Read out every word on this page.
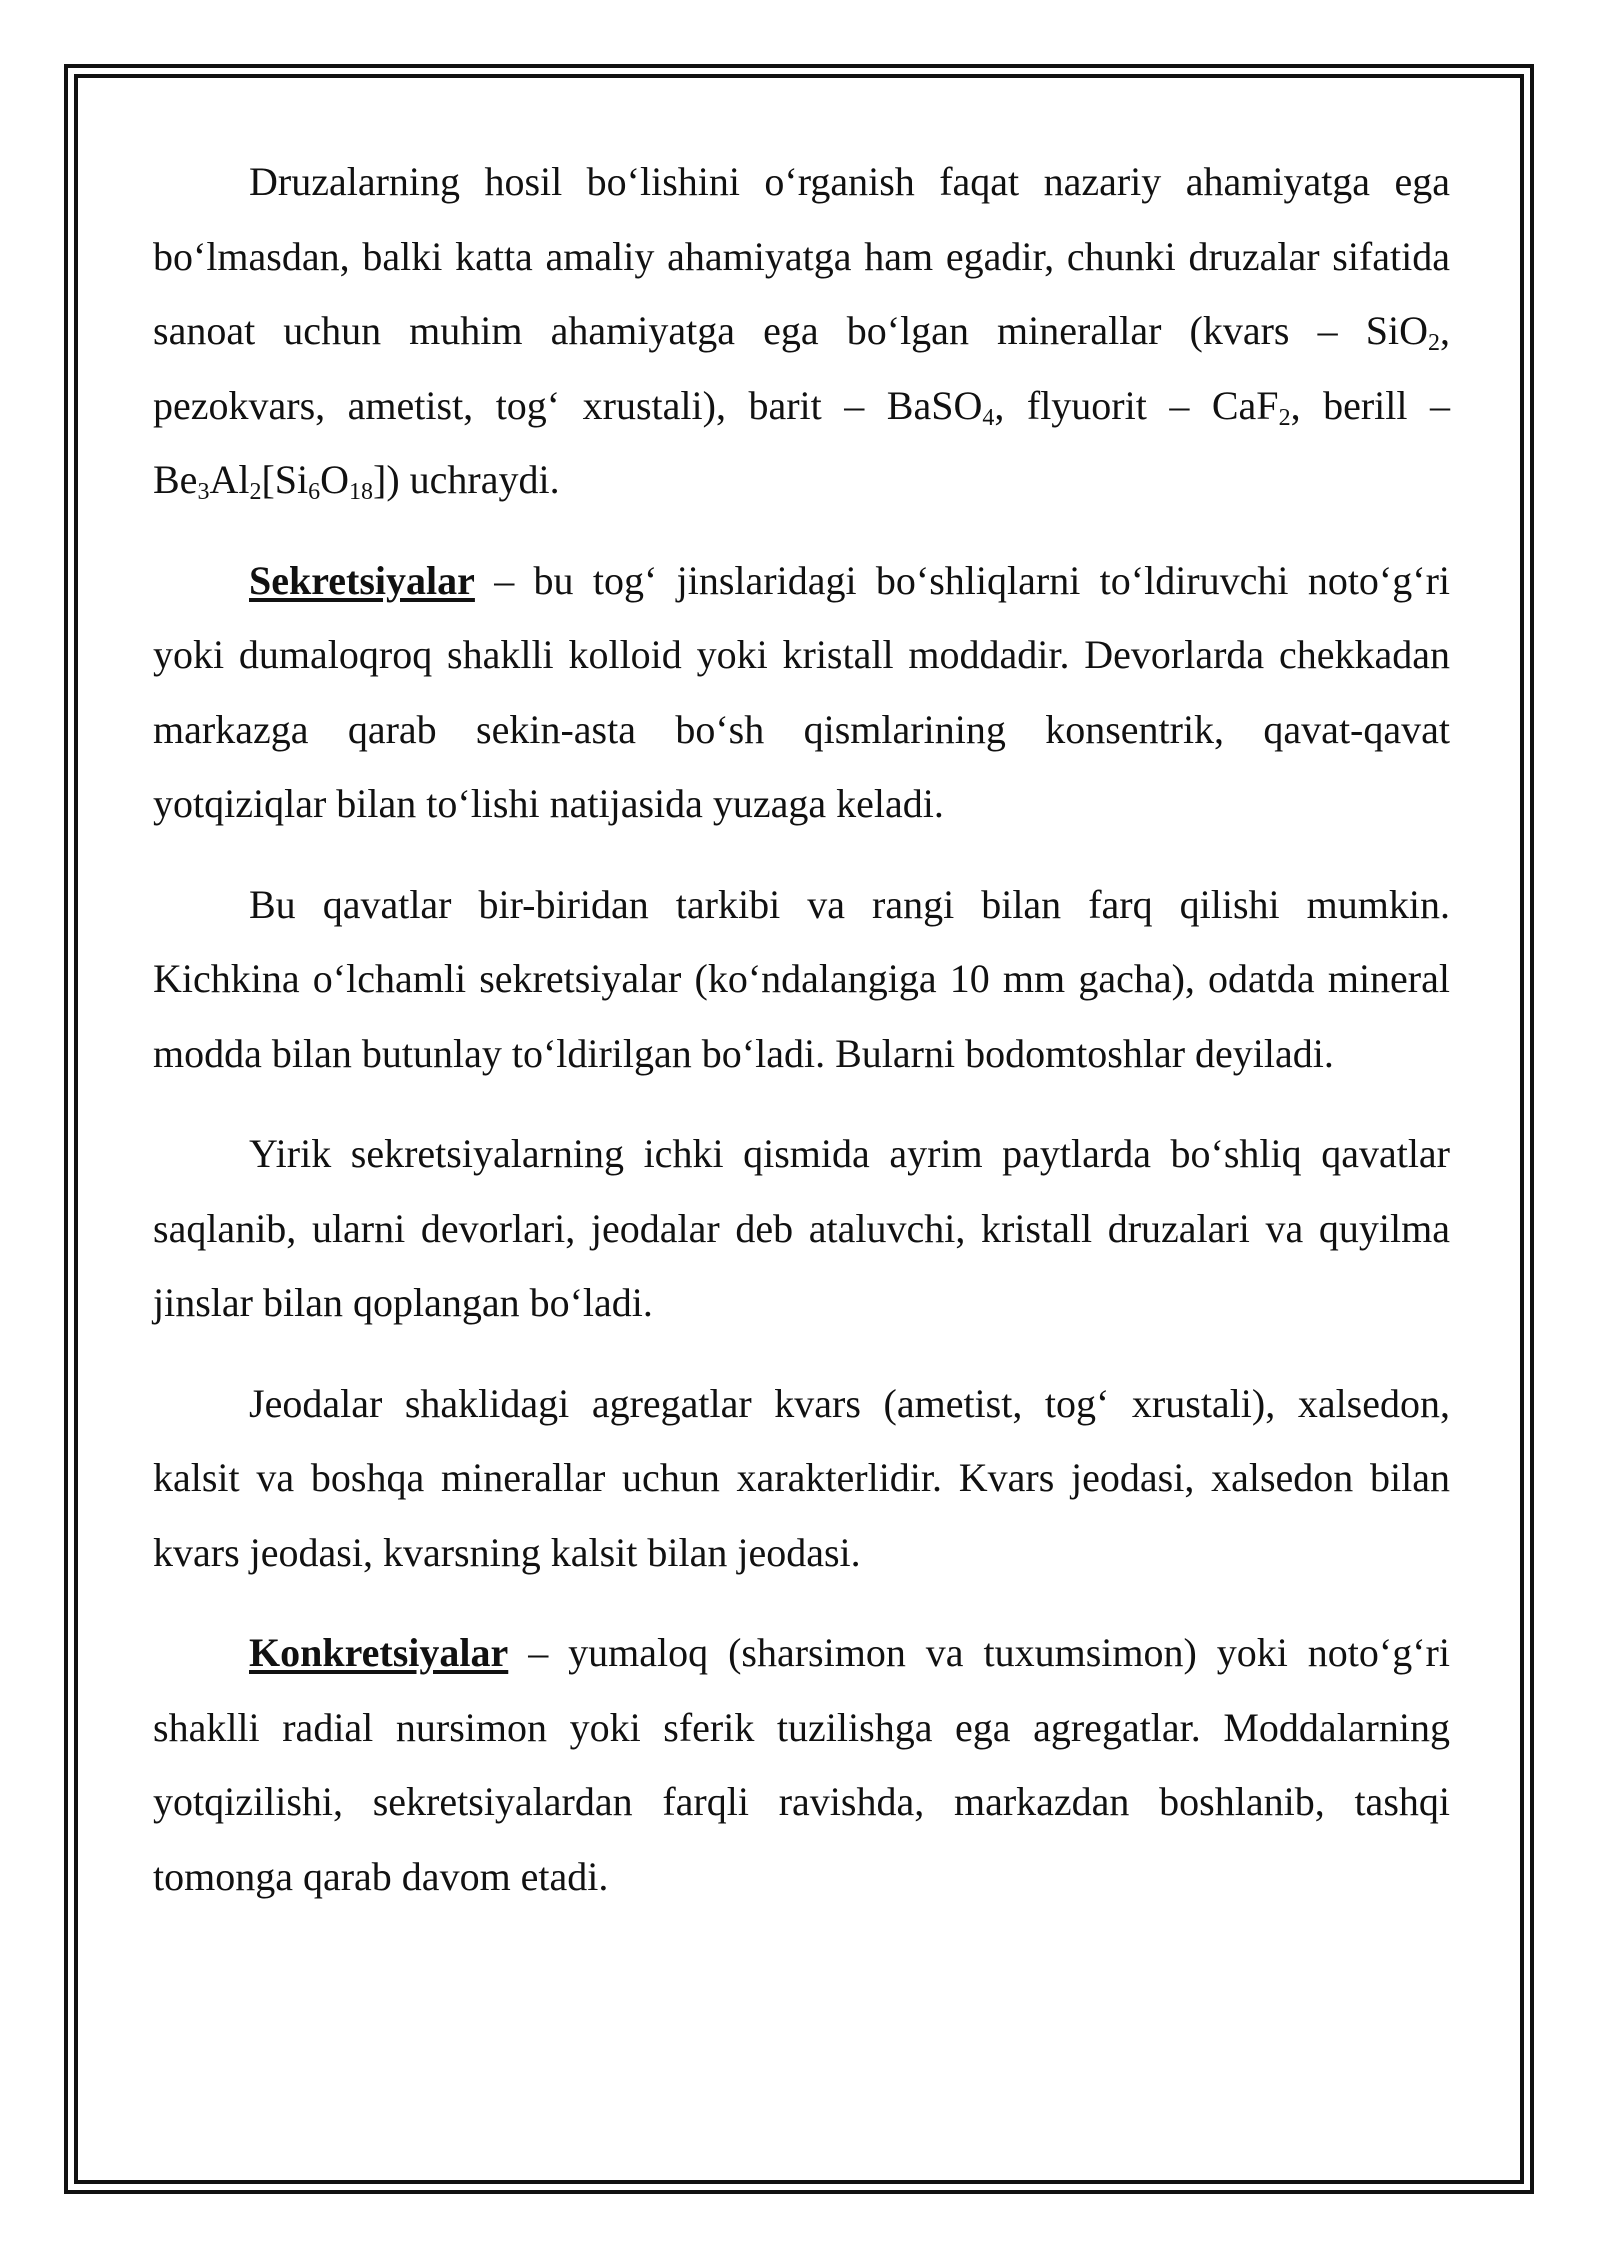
Druzalarning hosil bo‘lishini o‘rganish faqat nazariy ahamiyatga ega bo‘lmasdan, balki katta amaliy ahamiyatga ham egadir, chunki druzalar sifatida sanoat uchun muhim ahamiyatga ega bo‘lgan minerallar (kvars – SiO$_2$, pezokvars, ametist, tog‘ xrustali), barit – BaSO$_4$, flyuorit – CaF$_2$, berill – $Be_3Al_2[Si_6O_{18}]$) uchraydi.

Sekretsiyalar – bu tog‘ jinslaridagi bo‘shliqlarni to‘ldiruvchi noto‘g‘ri yoki dumaloqroq shaklli kolloid yoki kristall moddadir. Devorlarda chekkadan markazga qarab sekin-asta bo‘sh qismlarining konsentrik, qavat-qavat yotqiziqlar bilan to‘lishi natijasida yuzaga keladi.

Bu qavatlar bir-biridan tarkibi va rangi bilan farq qilishi mumkin. Kichkina o‘lchamli sekretsiyalar (ko‘ndalangiga 10 mm gacha), odatda mineral modda bilan butunlay to‘ldirilgan bo‘ladi. Bularni bodomtoshlar deyiladi.

Yirik sekretsiyalarning ichki qismida ayrim paytlarda bo‘shliq qavatlar saqlanib, ularni devorlari, jeodalar deb ataluvchi, kristall druzalari va quyilma jinslar bilan qoplangan bo‘ladi.

Jeodalar shaklidagi agregatlar kvars (ametist, tog‘ xrustali), xalsedon, kalsit va boshqa minerallar uchun xarakterlidir. Kvars jeodasi, xalsedon bilan kvars jeodasi, kvarsning kalsit bilan jeodasi.

Konkretsiyalar – yumaloq (sharsimon va tuxumsimon) yoki noto‘g‘ri shaklli radial nursimon yoki sferik tuzilishga ega agregatlar. Moddalarning yotqizilishi, sekretsiyalardan farqli ravishda, markazdan boshlanib, tashqi tomonga qarab davom etadi.
